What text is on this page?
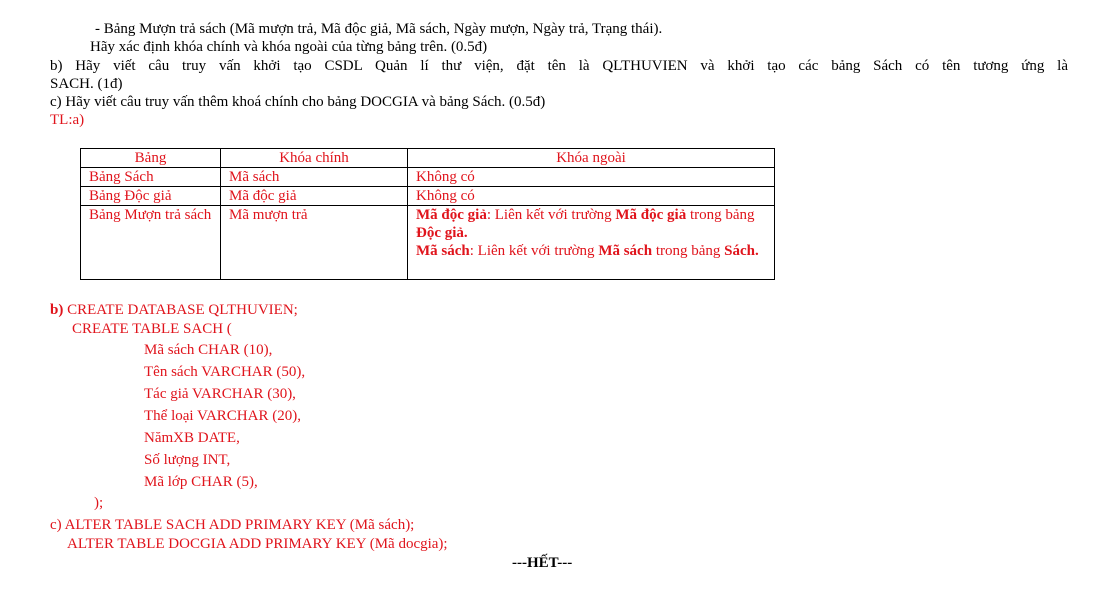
- Bảng Mượn trả sách (Mã mượn trả, Mã độc giả, Mã sách, Ngày mượn, Ngày trả, Trạng thái).
Hãy xác định khóa chính và khóa ngoài của từng bảng trên. (0.5đ)
b) Hãy viết câu truy vấn khởi tạo CSDL Quản lí thư viện, đặt tên là QLTHUVIEN và khởi tạo các bảng Sách có tên tương ứng là
SACH. (1đ)
c) Hãy viết câu truy vấn thêm khoá chính cho bảng DOCGIA và bảng Sách. (0.5đ)
TL:a)
Bảng	Khóa chính	Khóa ngoài
Bảng Sách	Mã sách	Không có
Bảng Độc giả	Mã độc giả	Không có
Bảng Mượn trả sách	Mã mượn trả	Mã độc giả: Liên kết với trường Mã độc giả trong bảng Độc giả.
Mã sách: Liên kết với trường Mã sách trong bảng Sách.
b) CREATE DATABASE QLTHUVIEN;
CREATE TABLE SACH (
Mã sách CHAR (10),
Tên sách VARCHAR (50),
Tác giả VARCHAR (30),
Thể loại VARCHAR (20),
NămXB DATE,
Số lượng INT,
Mã lớp CHAR (5),
);
c) ALTER TABLE SACH ADD PRIMARY KEY (Mã sách);
ALTER TABLE DOCGIA ADD PRIMARY KEY (Mã docgia);
---HẾT---
